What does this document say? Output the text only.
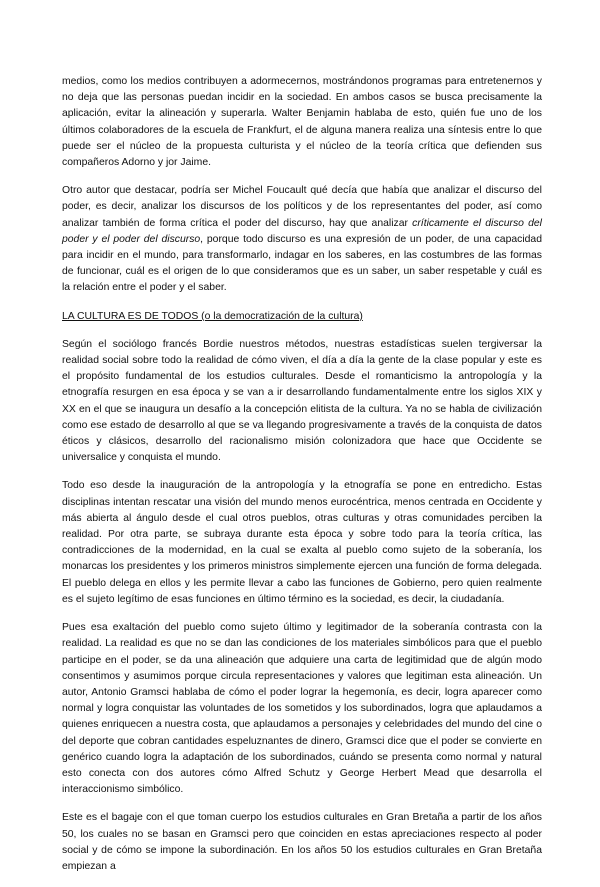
medios, como los medios contribuyen a adormecernos, mostrándonos programas para entretenernos y no deja que las personas puedan incidir en la sociedad. En ambos casos se busca precisamente la aplicación, evitar la alineación y superarla. Walter Benjamin hablaba de esto, quién fue uno de los últimos colaboradores de la escuela de Frankfurt, el de alguna manera realiza una síntesis entre lo que puede ser el núcleo de la propuesta culturista y el núcleo de la teoría crítica que defienden sus compañeros Adorno y jor Jaime.

Otro autor que destacar, podría ser Michel Foucault qué decía que había que analizar el discurso del poder, es decir, analizar los discursos de los políticos y de los representantes del poder, así como analizar también de forma crítica el poder del discurso, hay que analizar críticamente el discurso del poder y el poder del discurso, porque todo discurso es una expresión de un poder, de una capacidad para incidir en el mundo, para transformarlo, indagar en los saberes, en las costumbres de las formas de funcionar, cuál es el origen de lo que consideramos que es un saber, un saber respetable y cuál es la relación entre el poder y el saber.

LA CULTURA ES DE TODOS (o la democratización de la cultura)

Según el sociólogo francés Bordie nuestros métodos, nuestras estadísticas suelen tergiversar la realidad social sobre todo la realidad de cómo viven, el día a día la gente de la clase popular y este es el propósito fundamental de los estudios culturales. Desde el romanticismo la antropología y la etnografía resurgen en esa época y se van a ir desarrollando fundamentalmente entre los siglos XIX y XX en el que se inaugura un desafío a la concepción elitista de la cultura. Ya no se habla de civilización como ese estado de desarrollo al que se va llegando progresivamente a través de la conquista de datos éticos y clásicos, desarrollo del racionalismo misión colonizadora que hace que Occidente se universalice y conquista el mundo.

Todo eso desde la inauguración de la antropología y la etnografía se pone en entredicho. Estas disciplinas intentan rescatar una visión del mundo menos eurocéntrica, menos centrada en Occidente y más abierta al ángulo desde el cual otros pueblos, otras culturas y otras comunidades perciben la realidad. Por otra parte, se subraya durante esta época y sobre todo para la teoría crítica, las contradicciones de la modernidad, en la cual se exalta al pueblo como sujeto de la soberanía, los monarcas los presidentes y los primeros ministros simplemente ejercen una función de forma delegada. El pueblo delega en ellos y les permite llevar a cabo las funciones de Gobierno, pero quien realmente es el sujeto legítimo de esas funciones en último término es la sociedad, es decir, la ciudadanía.

Pues esa exaltación del pueblo como sujeto último y legitimador de la soberanía contrasta con la realidad. La realidad es que no se dan las condiciones de los materiales simbólicos para que el pueblo participe en el poder, se da una alineación que adquiere una carta de legitimidad que de algún modo consentimos y asumimos porque circula representaciones y valores que legitiman esta alineación. Un autor, Antonio Gramsci hablaba de cómo el poder lograr la hegemonía, es decir, logra aparecer como normal y logra conquistar las voluntades de los sometidos y los subordinados, logra que aplaudamos a quienes enriquecen a nuestra costa, que aplaudamos a personajes y celebridades del mundo del cine o del deporte que cobran cantidades espeluznantes de dinero, Gramsci dice que el poder se convierte en genérico cuando logra la adaptación de los subordinados, cuándo se presenta como normal y natural esto conecta con dos autores cómo Alfred Schutz y George Herbert Mead que desarrolla el interaccionismo simbólico.

Este es el bagaje con el que toman cuerpo los estudios culturales en Gran Bretaña a partir de los años 50, los cuales no se basan en Gramsci pero que coinciden en estas apreciaciones respecto al poder social y de cómo se impone la subordinación. En los años 50 los estudios culturales en Gran Bretaña empiezan a
